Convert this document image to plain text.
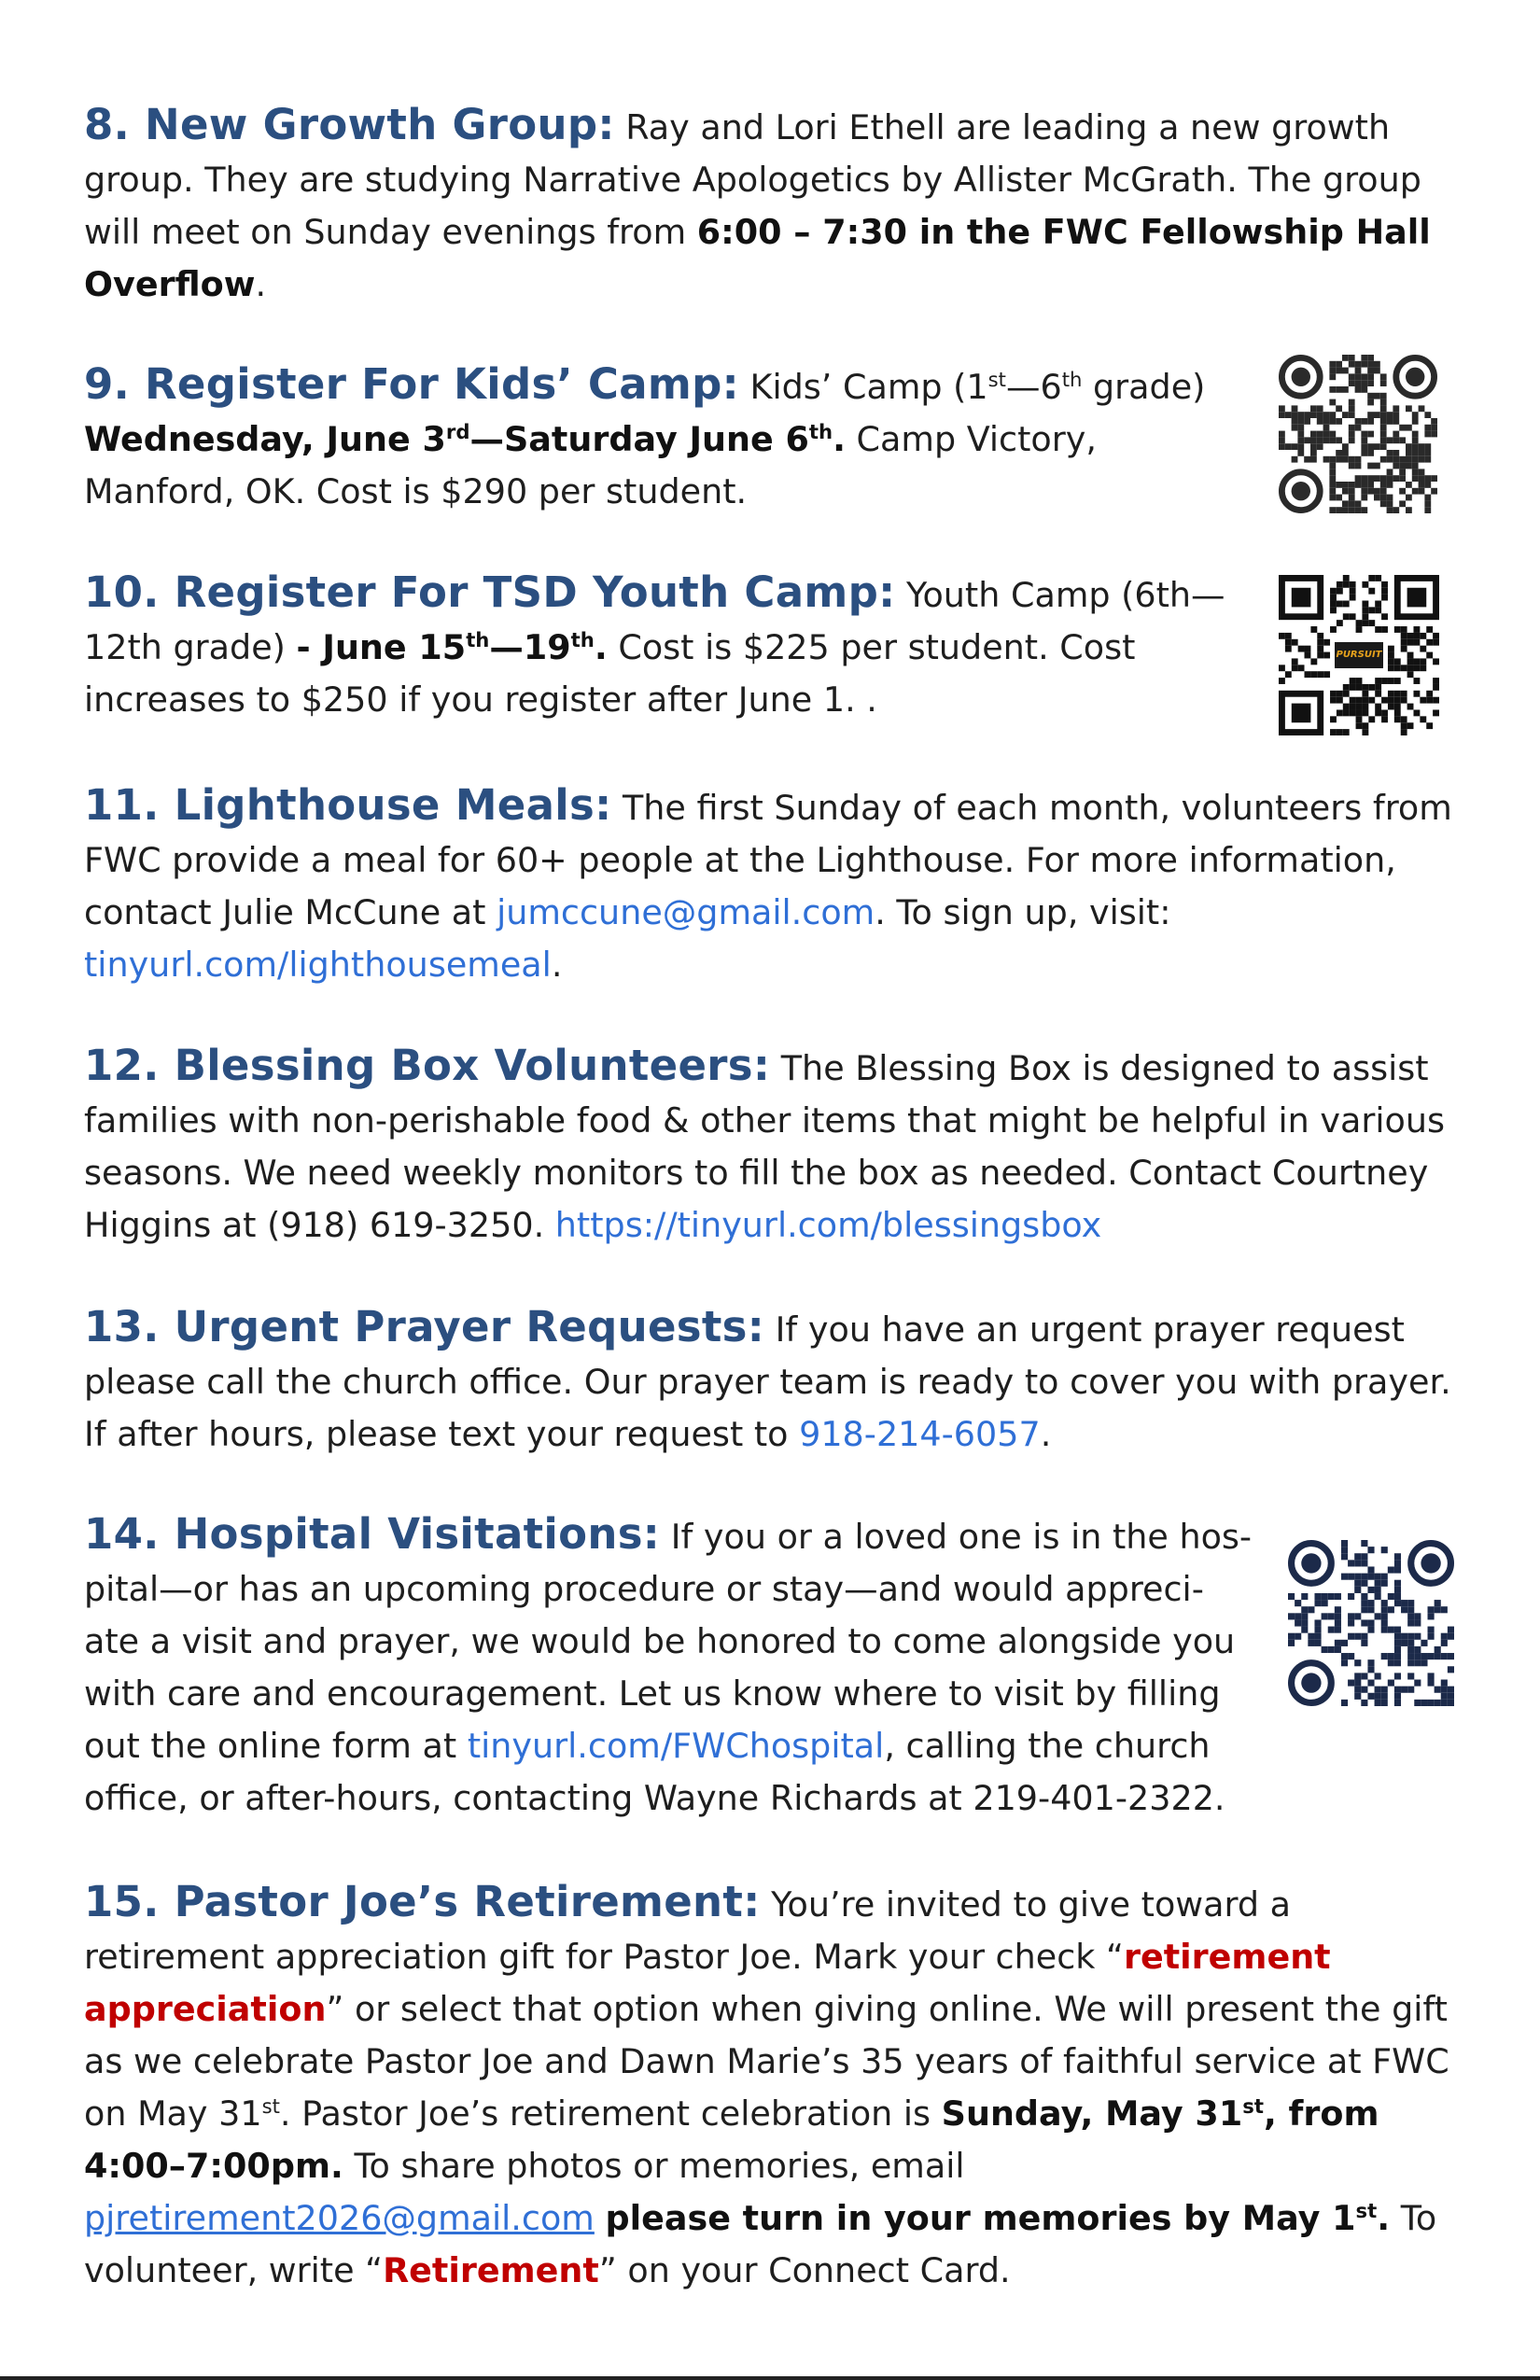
8. New Growth Group: Ray and Lori Ethell are leading a new growth group. They are studying Narrative Apologetics by Allister McGrath. The group will meet on Sunday evenings from 6:00 – 7:30 in the FWC Fellowship Hall Overflow.
9. Register For Kids’ Camp: Kids’ Camp (1st—6th grade)
Wednesday, June 3rd—Saturday June 6th. Camp Victory, Manford, OK. Cost is $290 per student.
10. Register For TSD Youth Camp: Youth Camp (6th—12th grade) - June 15th—19th. Cost is $225 per student. Cost increases to $250 if you register after June 1. .
PURSUIT
11. Lighthouse Meals: The first Sunday of each month, volunteers from FWC provide a meal for 60+ people at the Lighthouse. For more information, contact Julie McCune at jumccune@gmail.com. To sign up, visit: tinyurl.com/lighthousemeal.
12. Blessing Box Volunteers: The Blessing Box is designed to assist families with non-perishable food & other items that might be helpful in various seasons. We need weekly monitors to fill the box as needed. Contact Courtney Higgins at (918) 619-3250. https://tinyurl.com/blessingsbox
13. Urgent Prayer Requests: If you have an urgent prayer request please call the church office. Our prayer team is ready to cover you with prayer. If after hours, please text your request to 918-214-6057.
14. Hospital Visitations: If you or a loved one is in the hos-pital—or has an upcoming procedure or stay—and would appreci-ate a visit and prayer, we would be honored to come alongside you with care and encouragement. Let us know where to visit by filling out the online form at tinyurl.com/FWChospital, calling the church office, or after-hours, contacting Wayne Richards at 219-401-2322.
15. Pastor Joe’s Retirement: You’re invited to give toward a retirement appreciation gift for Pastor Joe. Mark your check “retirement appreciation” or select that option when giving online. We will present the gift as we celebrate Pastor Joe and Dawn Marie’s 35 years of faithful service at FWC on May 31st. Pastor Joe’s retirement celebration is Sunday, May 31st, from 4:00–7:00pm. To share photos or memories, email pjretirement2026@gmail.com please turn in your memories by May 1st. To volunteer, write “Retirement” on your Connect Card.
